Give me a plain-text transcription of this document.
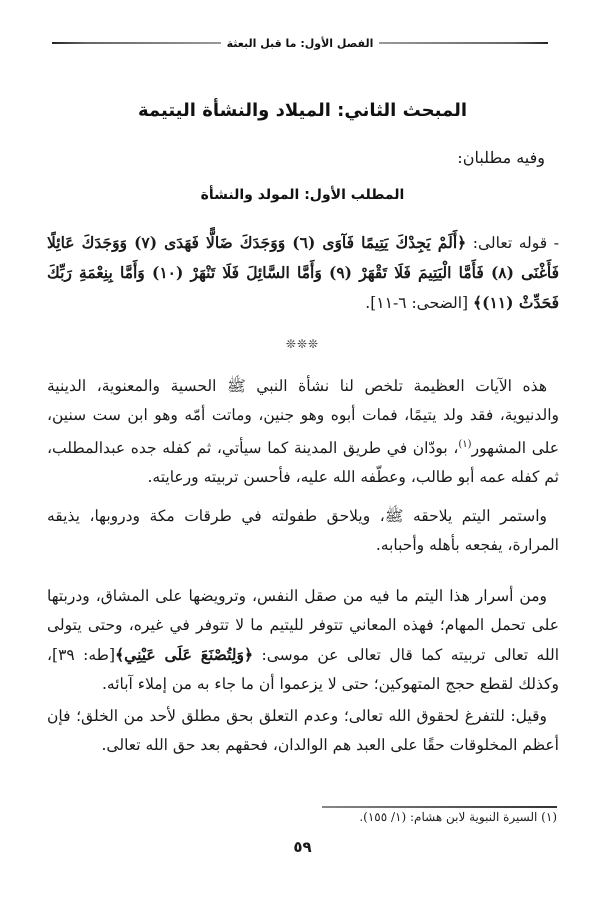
الفصل الأول: ما قبل البعثة
المبحث الثاني: الميلاد والنشأة اليتيمة
وفيه مطلبان:
المطلب الأول: المولد والنشأة
- قوله تعالى: ﴿أَلَمْ يَجِدْكَ يَتِيمًا فَآوَى (٦) وَوَجَدَكَ ضَالًّا فَهَدَى (٧) وَوَجَدَكَ عَائِلًا فَأَغْنَى (٨) فَأَمَّا الْيَتِيمَ فَلَا تَقْهَرْ (٩) وَأَمَّا السَّائِلَ فَلَا تَنْهَرْ (١٠) وَأَمَّا بِنِعْمَةِ رَبِّكَ فَحَدِّثْ (١١)﴾ [الضحى: ٦-١١].
❊❊❊
هذه الآيات العظيمة تلخص لنا نشأة النبي ﷺ الحسية والمعنوية، الدينية والدنيوية، فقد ولد يتيمًا، فمات أبوه وهو جنين، وماتت أمّه وهو ابن ست سنين، على المشهور$^{(١)}$، بودّان في طريق المدينة كما سيأتي، ثم كفله جده عبدالمطلب، ثم كفله عمه أبو طالب، وعطّفه الله عليه، فأحسن تربيته ورعايته.
واستمر اليتم يلاحقه ﷺ، ويلاحق طفولته في طرقات مكة ودروبها، يذيقه المرارة، يفجعه بأهله وأحبابه.
ومن أسرار هذا اليتم ما فيه من صقل النفس، وترويضها على المشاق، ودربتها على تحمل المهام؛ فهذه المعاني تتوفر لليتيم ما لا تتوفر في غيره، وحتى يتولى الله تعالى تربيته كما قال تعالى عن موسى: ﴿وَلِتُصْنَعَ عَلَى عَيْنِي﴾[طه: ٣٩]، وكذلك لقطع حجج المتهوكين؛ حتى لا يزعموا أن ما جاء به من إملاء آبائه.
وقيل: للتفرغ لحقوق الله تعالى؛ وعدم التعلق بحق مطلق لأحد من الخلق؛ فإن أعظم المخلوقات حقًا على العبد هم الوالدان، فحقهم بعد حق الله تعالى.
(١) السيرة النبوية لابن هشام: (١/ ١٥٥).
٥٩
